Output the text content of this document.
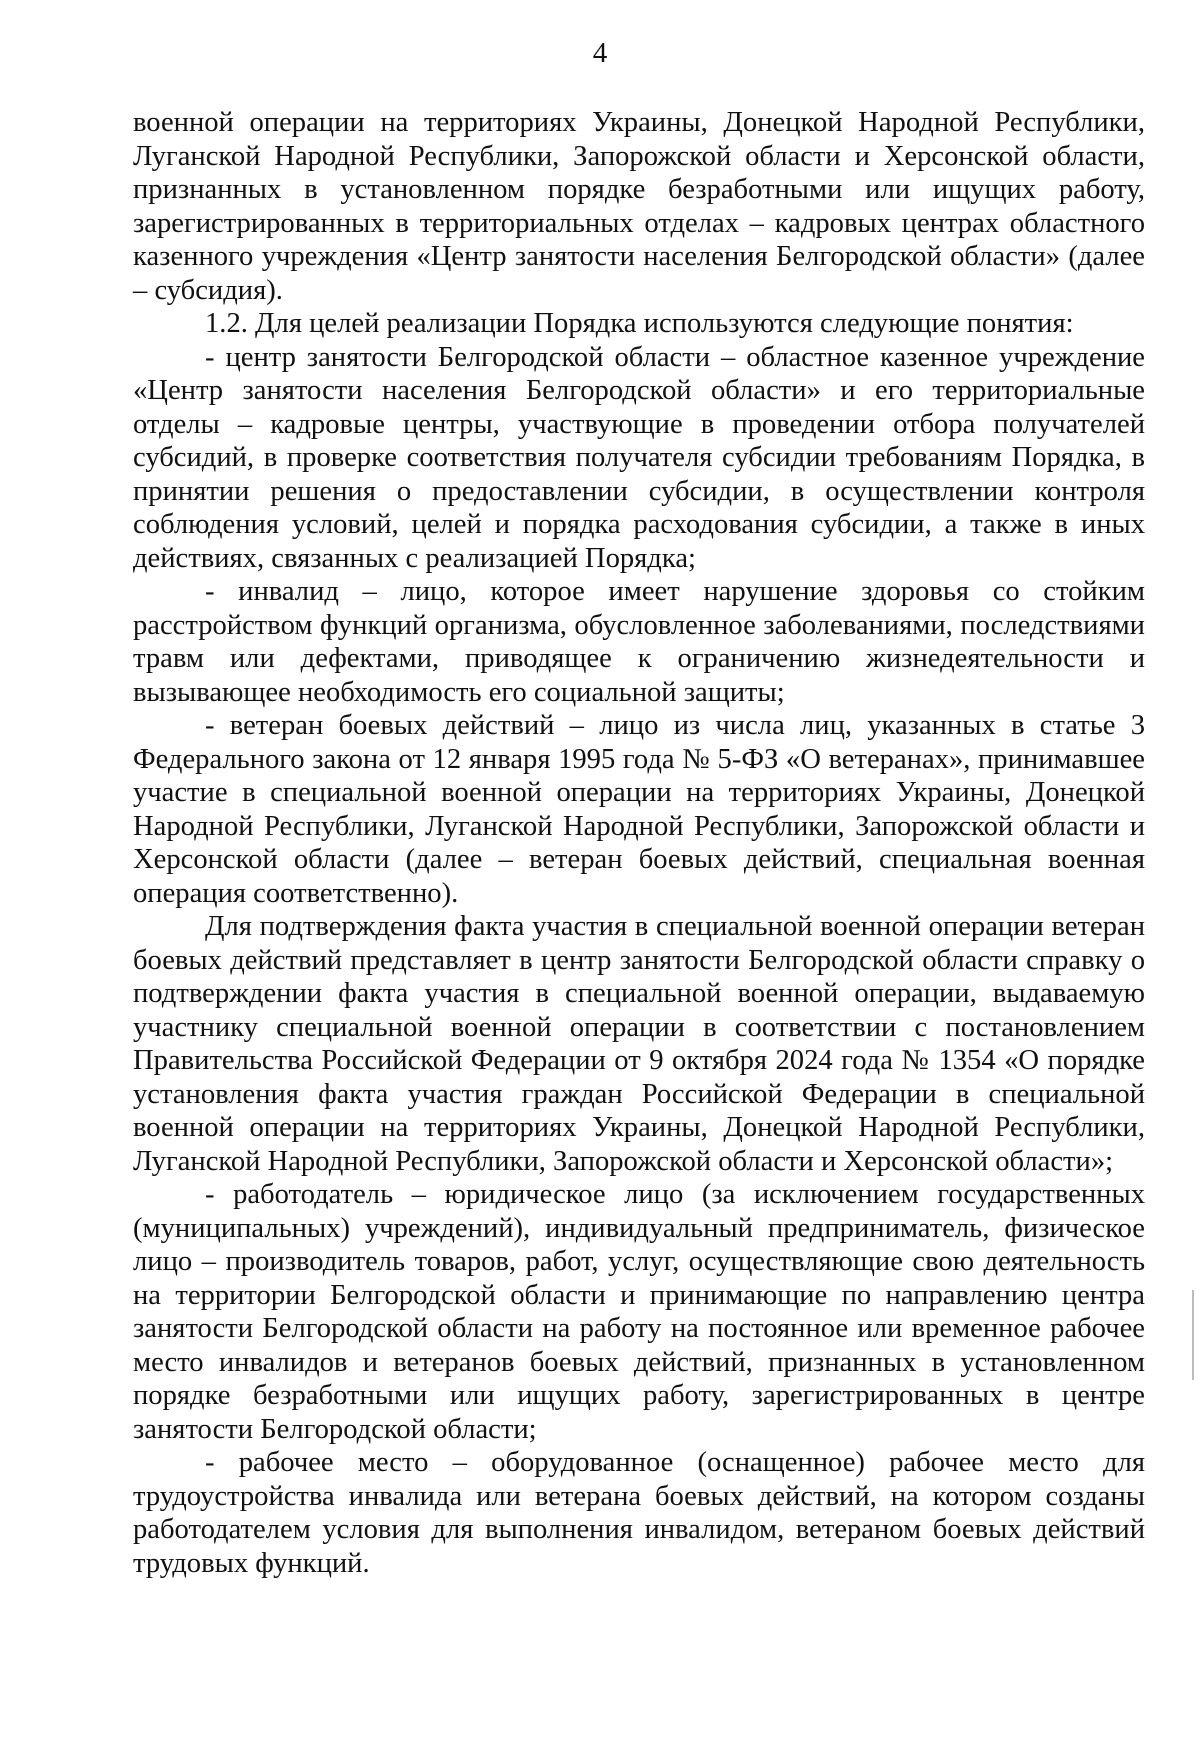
4

военной операции на территориях Украины, Донецкой Народной Республики, Луганской Народной Республики, Запорожской области и Херсонской области, признанных в установленном порядке безработными или ищущих работу, зарегистрированных в территориальных отделах – кадровых центрах областного казенного учреждения «Центр занятости населения Белгородской области» (далее – субсидия).

1.2. Для целей реализации Порядка используются следующие понятия:

- центр занятости Белгородской области – областное казенное учреждение «Центр занятости населения Белгородской области» и его территориальные отделы – кадровые центры, участвующие в проведении отбора получателей субсидий, в проверке соответствия получателя субсидии требованиям Порядка, в принятии решения о предоставлении субсидии, в осуществлении контроля соблюдения условий, целей и порядка расходования субсидии, а также в иных действиях, связанных с реализацией Порядка;

- инвалид – лицо, которое имеет нарушение здоровья со стойким расстройством функций организма, обусловленное заболеваниями, последствиями травм или дефектами, приводящее к ограничению жизнедеятельности и вызывающее необходимость его социальной защиты;

- ветеран боевых действий – лицо из числа лиц, указанных в статье 3 Федерального закона от 12 января 1995 года № 5-ФЗ «О ветеранах», принимавшее участие в специальной военной операции на территориях Украины, Донецкой Народной Республики, Луганской Народной Республики, Запорожской области и Херсонской области (далее – ветеран боевых действий, специальная военная операция соответственно).

Для подтверждения факта участия в специальной военной операции ветеран боевых действий представляет в центр занятости Белгородской области справку о подтверждении факта участия в специальной военной операции, выдаваемую участнику специальной военной операции в соответствии с постановлением Правительства Российской Федерации от 9 октября 2024 года № 1354 «О порядке установления факта участия граждан Российской Федерации в специальной военной операции на территориях Украины, Донецкой Народной Республики, Луганской Народной Республики, Запорожской области и Херсонской области»;

- работодатель – юридическое лицо (за исключением государственных (муниципальных) учреждений), индивидуальный предприниматель, физическое лицо – производитель товаров, работ, услуг, осуществляющие свою деятельность на территории Белгородской области и принимающие по направлению центра занятости Белгородской области на работу на постоянное или временное рабочее место инвалидов и ветеранов боевых действий, признанных в установленном порядке безработными или ищущих работу, зарегистрированных в центре занятости Белгородской области;

- рабочее место – оборудованное (оснащенное) рабочее место для трудоустройства инвалида или ветерана боевых действий, на котором созданы работодателем условия для выполнения инвалидом, ветераном боевых действий трудовых функций.
